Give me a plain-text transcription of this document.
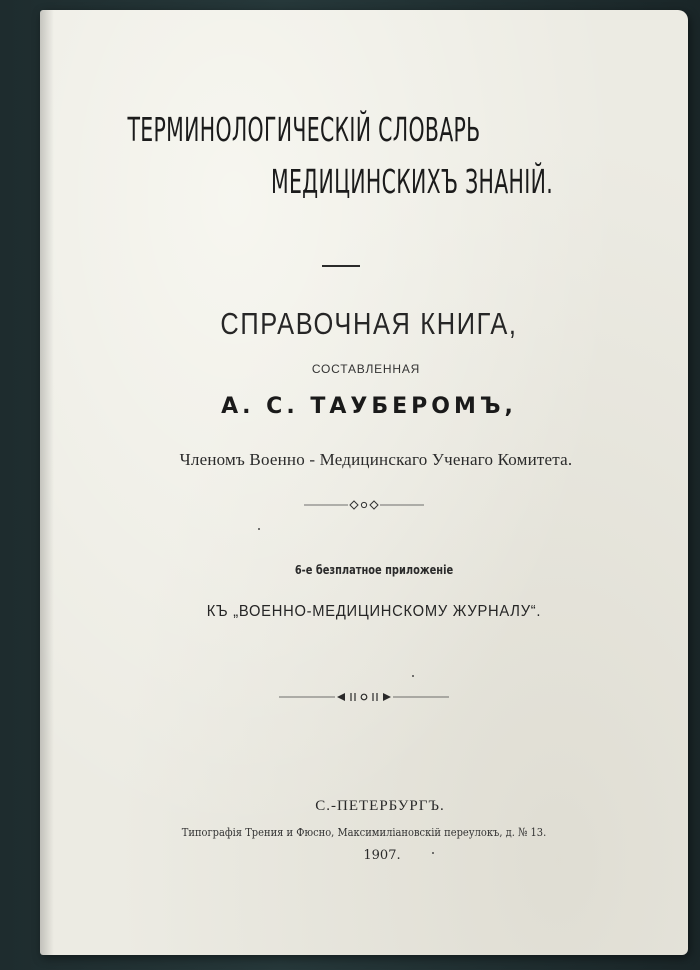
ТЕРМИНОЛОГИЧЕСКІЙ СЛОВАРЬ
МЕДИЦИНСКИХЪ ЗНАНІЙ.
СПРАВОЧНАЯ КНИГА,
СОСТАВЛЕННАЯ
А. С. ТАУБЕРОМЪ,
Членомъ Военно - Медицинскаго Ученаго Комитета.
6-е безплатное приложеніе
КЪ „ВОЕННО-МЕДИЦИНСКОМУ ЖУРНАЛУ“.
С.-ПЕТЕРБУРГЪ.
Типографія Трения и Фюсно, Максимиліановскій переулокъ, д. № 13.
1907.
